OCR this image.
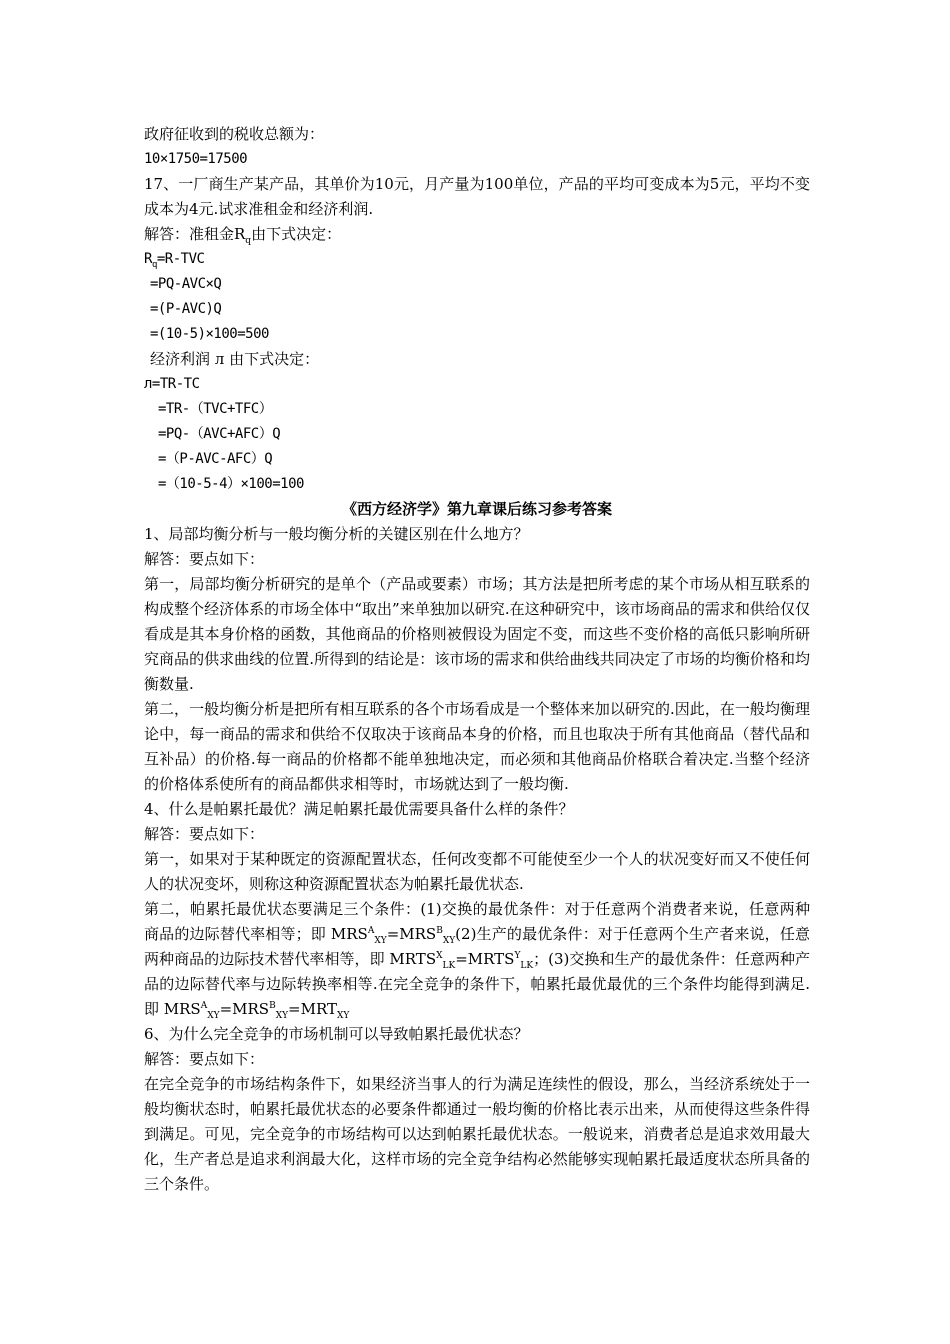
政府征收到的税收总额为：
10×1750=17500
17、一厂商生产某产品，其单价为10元，月产量为100单位，产品的平均可变成本为5元，平均不变成本为4元.试求准租金和经济利润.
解答：准租金$R_q$由下式决定：
$R_q=R$-TVC
=PQ-AVC×Q
=(P-AVC)Q
=(10-5)×100=500
经济利润 л 由下式决定：
л=TR-TC
=TR-（TVC+TFC）
=PQ-（AVC+AFC）Q
=（P-AVC-AFC）Q
=（10-5-4）×100=100
《西方经济学》第九章课后练习参考答案
1、局部均衡分析与一般均衡分析的关键区别在什么地方？
解答：要点如下：
第一，局部均衡分析研究的是单个（产品或要素）市场；其方法是把所考虑的某个市场从相互联系的构成整个经济体系的市场全体中“取出”来单独加以研究.在这种研究中，该市场商品的需求和供给仅仅看成是其本身价格的函数，其他商品的价格则被假设为固定不变，而这些不变价格的高低只影响所研究商品的供求曲线的位置.所得到的结论是：该市场的需求和供给曲线共同决定了市场的均衡价格和均衡数量.
第二，一般均衡分析是把所有相互联系的各个市场看成是一个整体来加以研究的.因此，在一般均衡理论中，每一商品的需求和供给不仅取决于该商品本身的价格，而且也取决于所有其他商品（替代品和互补品）的价格.每一商品的价格都不能单独地决定，而必须和其他商品价格联合着决定.当整个经济的价格体系使所有的商品都供求相等时，市场就达到了一般均衡.
4、什么是帕累托最优？满足帕累托最优需要具备什么样的条件？
解答：要点如下：
第一，如果对于某种既定的资源配置状态，任何改变都不可能使至少一个人的状况变好而又不使任何人的状况变坏，则称这种资源配置状态为帕累托最优状态.
第二，帕累托最优状态要满足三个条件：(1)交换的最优条件：对于任意两个消费者来说，任意两种商品的边际替代率相等；即 $MRS^A_{XY}=MRS^B_{XY}(2)$生产的最优条件：对于任意两个生产者来说，任意两种商品的边际技术替代率相等，即 $MRTS^X_{LK}=MRTS^Y_{LK}$；(3)交换和生产的最优条件：任意两种产品的边际替代率与边际转换率相等.在完全竞争的条件下，帕累托最优最优的三个条件均能得到满足.即 $MRS^A_{XY}=MRS^B_{XY}=MRT_{XY}$
6、为什么完全竞争的市场机制可以导致帕累托最优状态？
解答：要点如下：
在完全竞争的市场结构条件下，如果经济当事人的行为满足连续性的假设，那么，当经济系统处于一般均衡状态时，帕累托最优状态的必要条件都通过一般均衡的价格比表示出来，从而使得这些条件得到满足。可见，完全竞争的市场结构可以达到帕累托最优状态。一般说来，消费者总是追求效用最大化，生产者总是追求利润最大化，这样市场的完全竞争结构必然能够实现帕累托最适度状态所具备的三个条件。
